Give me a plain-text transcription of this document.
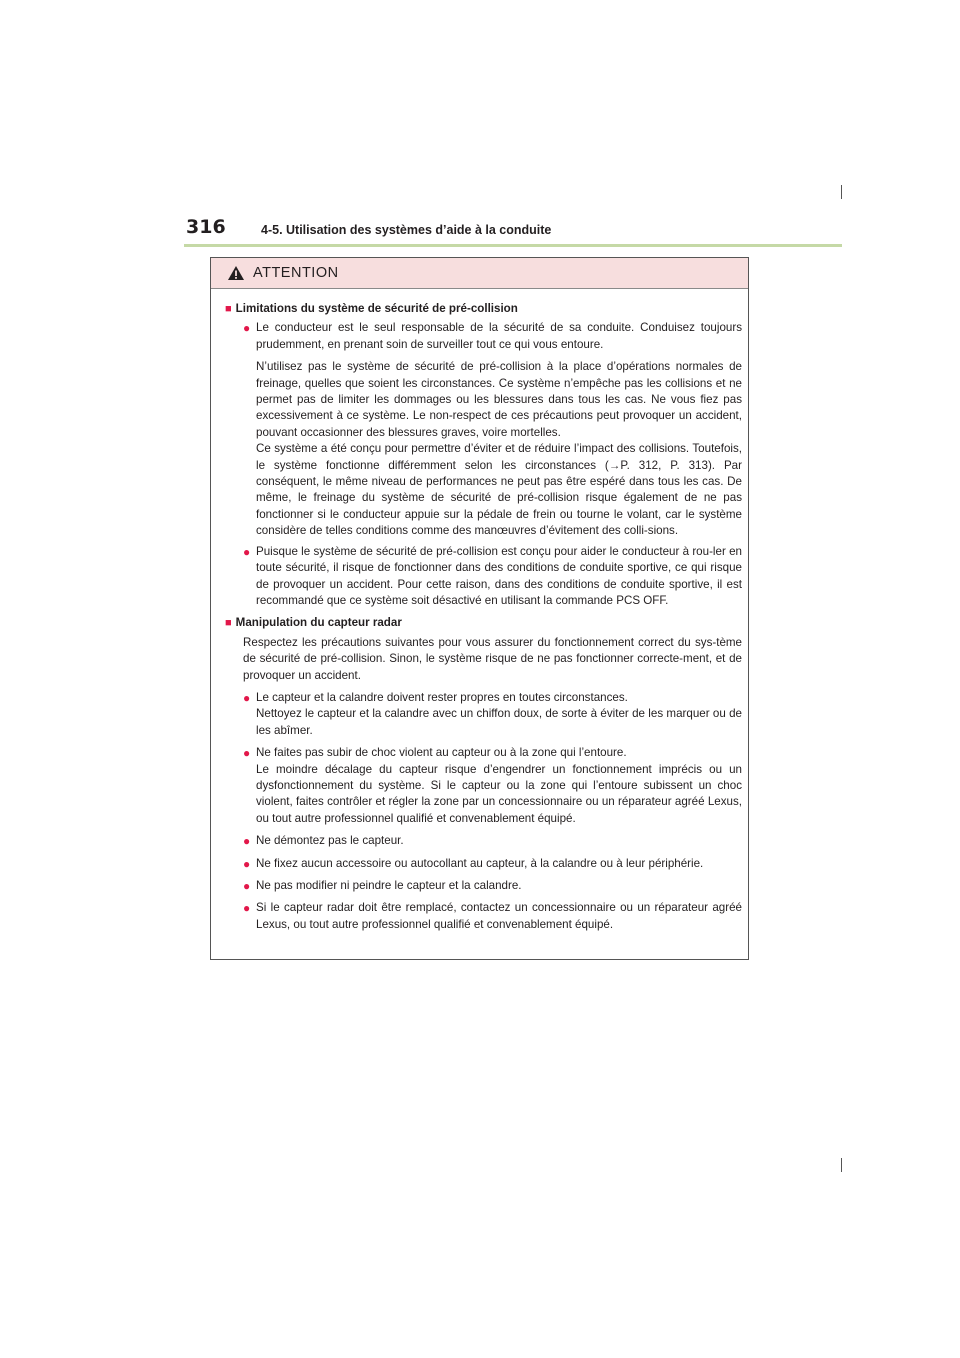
316	4-5. Utilisation des systèmes d’aide à la conduite
ATTENTION
■ Limitations du système de sécurité de pré-collision
● Le conducteur est le seul responsable de la sécurité de sa conduite. Conduisez toujours prudemment, en prenant soin de surveiller tout ce qui vous entoure.
N’utilisez pas le système de sécurité de pré-collision à la place d’opérations normales de freinage, quelles que soient les circonstances. Ce système n’empêche pas les collisions et ne permet pas de limiter les dommages ou les blessures dans tous les cas. Ne vous fiez pas excessivement à ce système. Le non-respect de ces précautions peut provoquer un accident, pouvant occasionner des blessures graves, voire mortelles.
Ce système a été conçu pour permettre d’éviter et de réduire l’impact des collisions. Toutefois, le système fonctionne différemment selon les circonstances (→P. 312, P. 313). Par conséquent, le même niveau de performances ne peut pas être espéré dans tous les cas. De même, le freinage du système de sécurité de pré-collision risque également de ne pas fonctionner si le conducteur appuie sur la pédale de frein ou tourne le volant, car le système considère de telles conditions comme des manœuvres d’évitement des colli-sions.
● Puisque le système de sécurité de pré-collision est conçu pour aider le conducteur à rou-ler en toute sécurité, il risque de fonctionner dans des conditions de conduite sportive, ce qui risque de provoquer un accident. Pour cette raison, dans des conditions de conduite sportive, il est recommandé que ce système soit désactivé en utilisant la commande PCS OFF.
■ Manipulation du capteur radar
Respectez les précautions suivantes pour vous assurer du fonctionnement correct du sys-tème de sécurité de pré-collision. Sinon, le système risque de ne pas fonctionner correcte-ment, et de provoquer un accident.
● Le capteur et la calandre doivent rester propres en toutes circonstances.
Nettoyez le capteur et la calandre avec un chiffon doux, de sorte à éviter de les marquer ou de les abîmer.
● Ne faites pas subir de choc violent au capteur ou à la zone qui l’entoure.
Le moindre décalage du capteur risque d’engendrer un fonctionnement imprécis ou un dysfonctionnement du système. Si le capteur ou la zone qui l’entoure subissent un choc violent, faites contrôler et régler la zone par un concessionnaire ou un réparateur agréé Lexus, ou tout autre professionnel qualifié et convenablement équipé.
● Ne démontez pas le capteur.
● Ne fixez aucun accessoire ou autocollant au capteur, à la calandre ou à leur périphérie.
● Ne pas modifier ni peindre le capteur et la calandre.
● Si le capteur radar doit être remplacé, contactez un concessionnaire ou un réparateur agréé Lexus, ou tout autre professionnel qualifié et convenablement équipé.
